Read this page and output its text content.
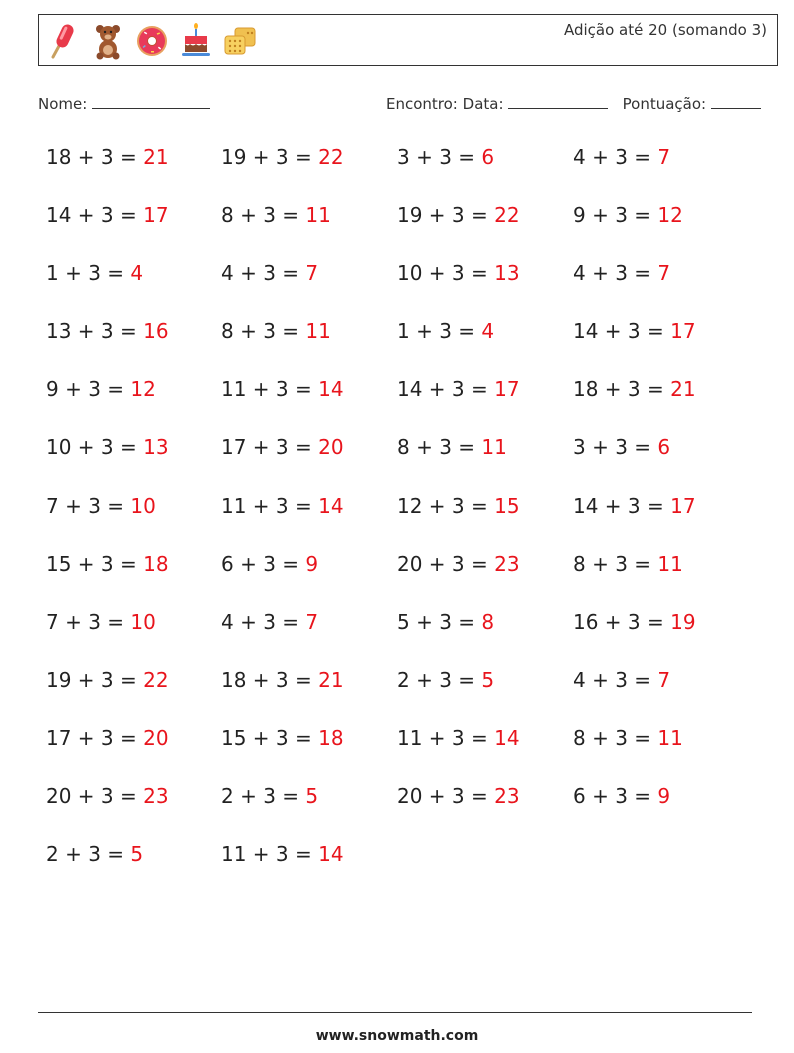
Adição até 20 (somando 3)
Nome:	Encontro: Data:	Pontuação:
18 + 3 = 21	19 + 3 = 22	3 + 3 = 6	4 + 3 = 7
14 + 3 = 17	8 + 3 = 11	19 + 3 = 22	9 + 3 = 12
1 + 3 = 4	4 + 3 = 7	10 + 3 = 13	4 + 3 = 7
13 + 3 = 16	8 + 3 = 11	1 + 3 = 4	14 + 3 = 17
9 + 3 = 12	11 + 3 = 14	14 + 3 = 17	18 + 3 = 21
10 + 3 = 13	17 + 3 = 20	8 + 3 = 11	3 + 3 = 6
7 + 3 = 10	11 + 3 = 14	12 + 3 = 15	14 + 3 = 17
15 + 3 = 18	6 + 3 = 9	20 + 3 = 23	8 + 3 = 11
7 + 3 = 10	4 + 3 = 7	5 + 3 = 8	16 + 3 = 19
19 + 3 = 22	18 + 3 = 21	2 + 3 = 5	4 + 3 = 7
17 + 3 = 20	15 + 3 = 18	11 + 3 = 14	8 + 3 = 11
20 + 3 = 23	2 + 3 = 5	20 + 3 = 23	6 + 3 = 9
2 + 3 = 5	11 + 3 = 14
www.snowmath.com
